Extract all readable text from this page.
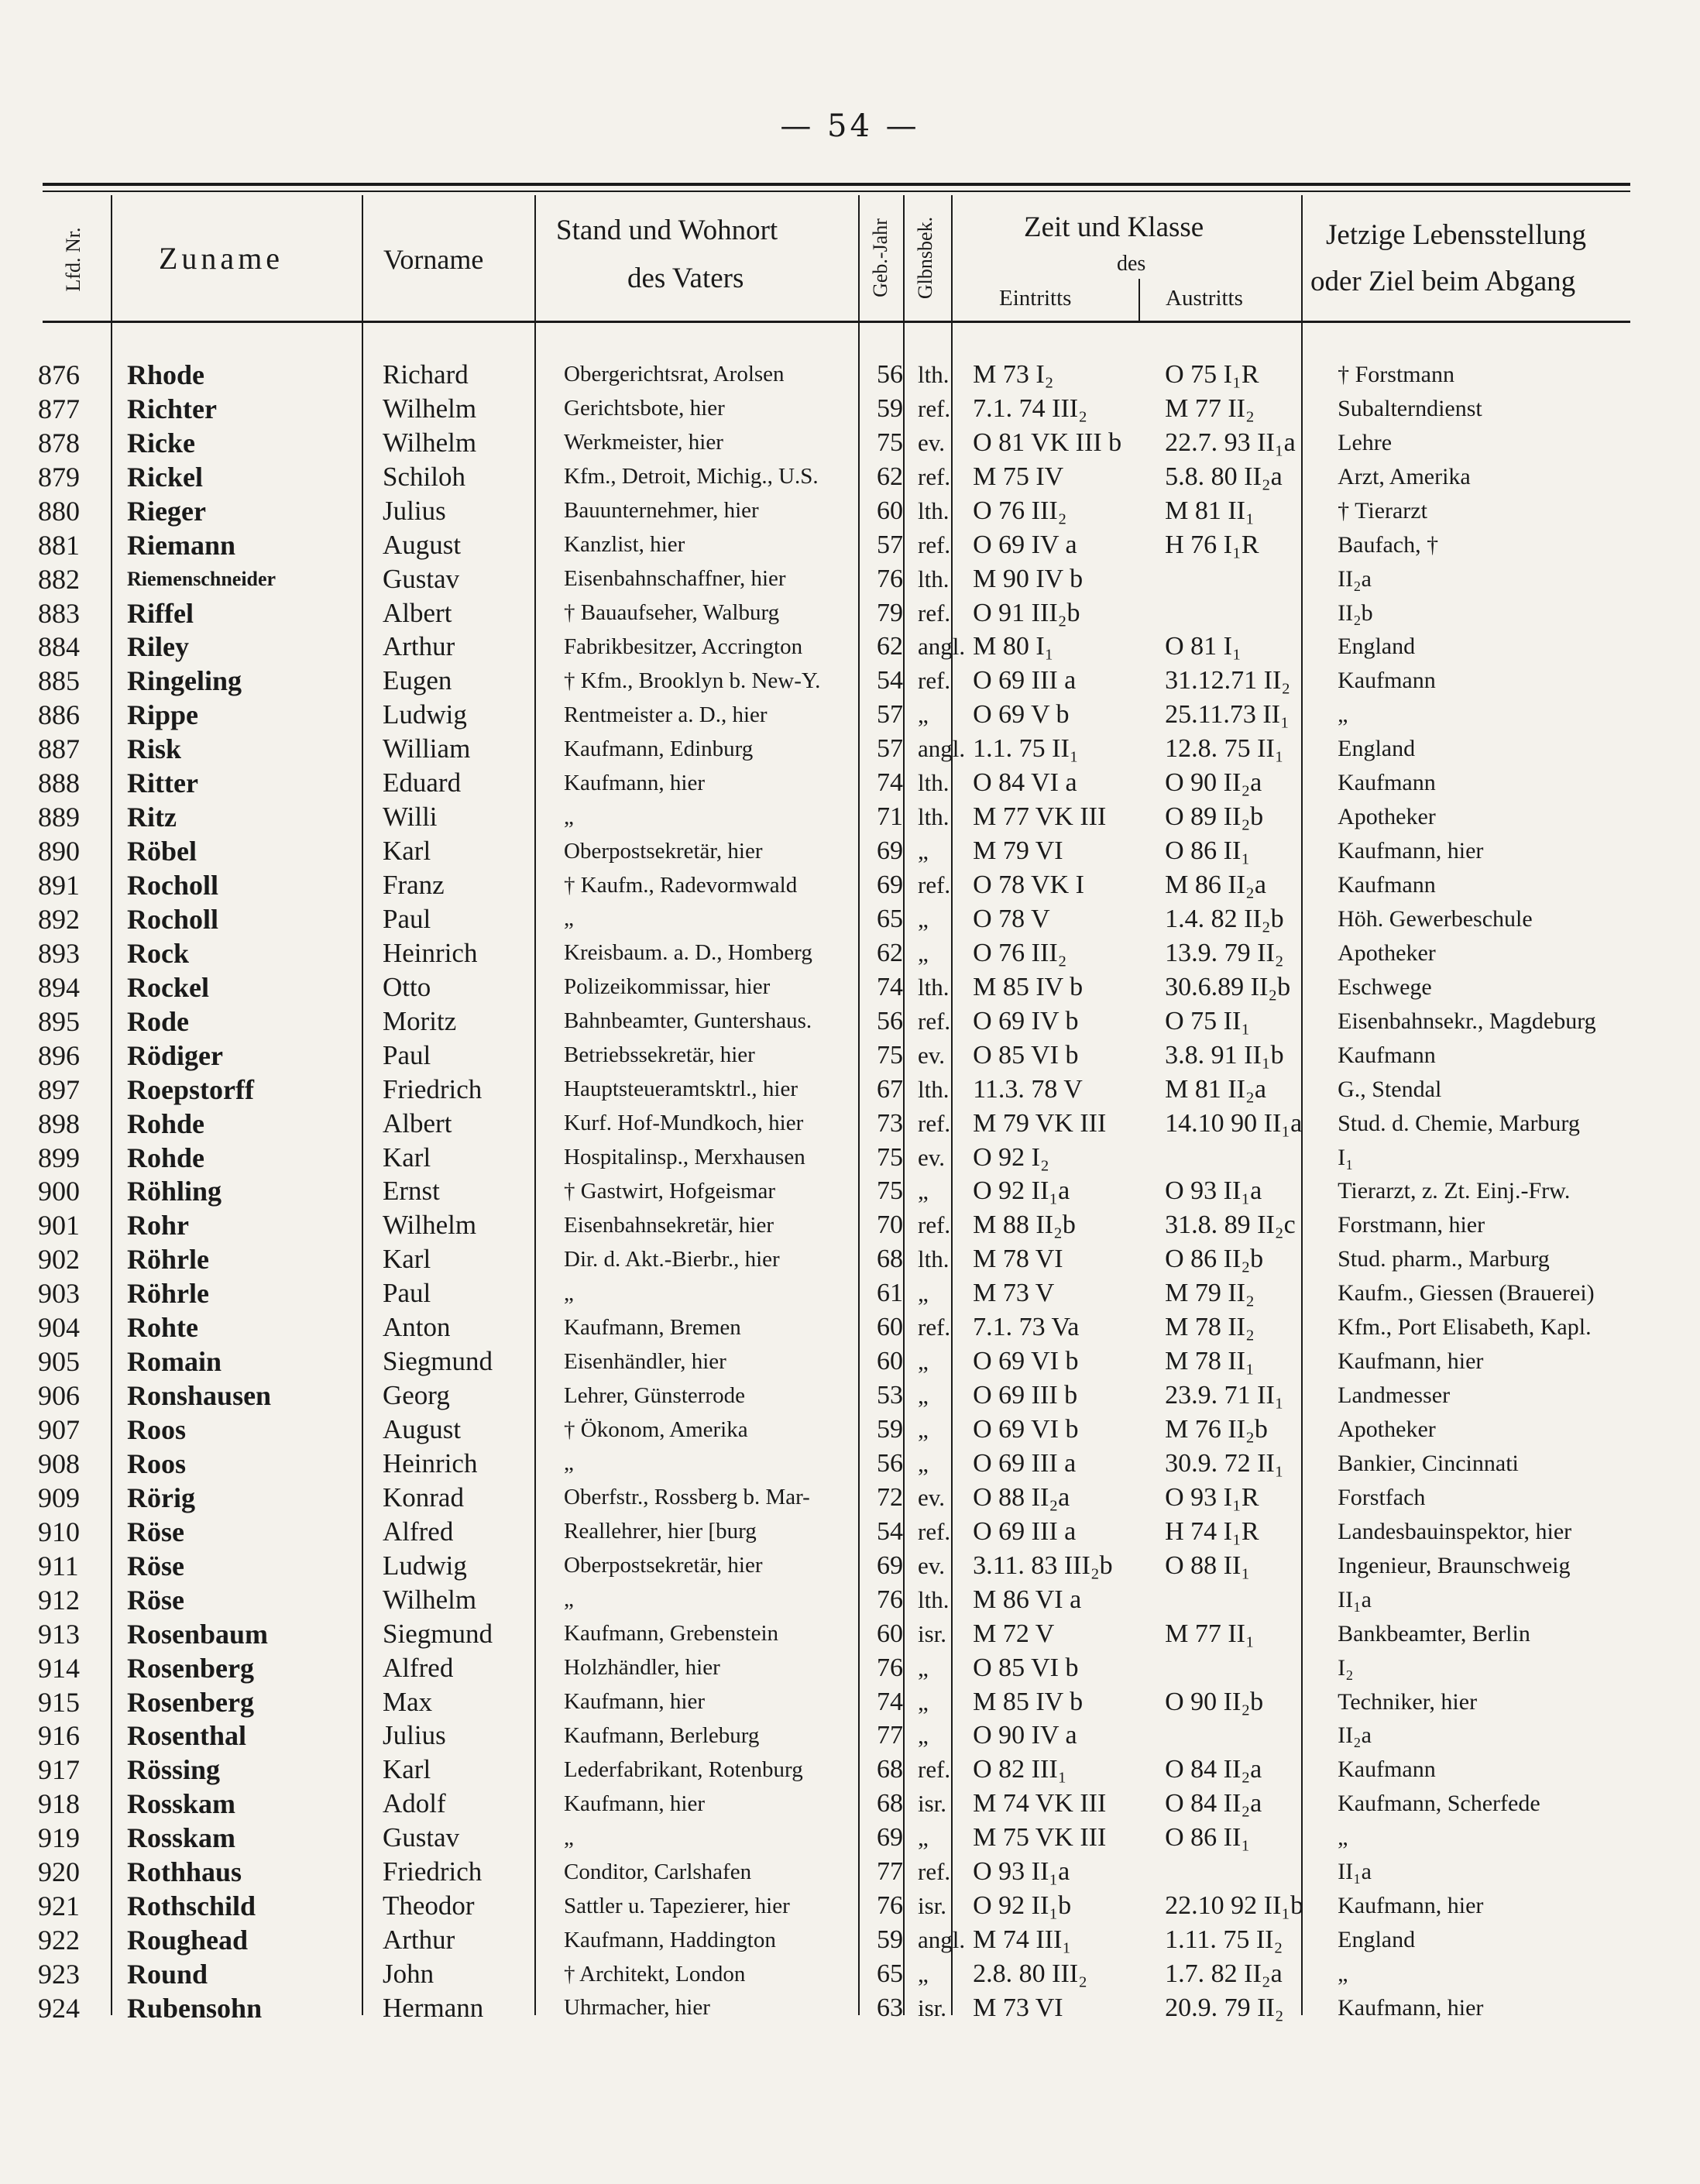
— 54 —
Lfd. Nr. Zuname	Vorname
Stand und Wohnort
des Vaters	Geb.-Jahr Glbnsbek.	Zeit und Klasse
des
Eintritts	Austritts
Jetzige Lebensstellung
oder Ziel beim Abgang
876	Rhode	Richard	Obergerichtsrat, Arolsen	56	lth.	M 73 I₂	O 75 I₁R	† Forstmann
877	Richter	Wilhelm	Gerichtsbote, hier	59	ref.	7.1. 74 III₂	M 77 II₂	Subalterndienst
878	Ricke	Wilhelm	Werkmeister, hier	75	ev.	O 81 VK III b	22.7. 93 II₁a	Lehre
879	Rickel	Schiloh	Kfm., Detroit, Michig., U.S.	62	ref.	M 75 IV	5.8. 80 II₂a	Arzt, Amerika
880	Rieger	Julius	Bauunternehmer, hier	60	lth.	O 76 III₂	M 81 II₁	† Tierarzt
881	Riemann	August	Kanzlist, hier	57	ref.	O 69 IV a	H 76 I₁R	Baufach, †
882	Riemenschneider	Gustav	Eisenbahnschaffner, hier	76	lth.	M 90 IV b		II₂a
883	Riffel	Albert	† Bauaufseher, Walburg	79	ref.	O 91 III₂b		II₂b
884	Riley	Arthur	Fabrikbesitzer, Accrington	62	angl.	M 80 I₁	O 81 I₁	England
885	Ringeling	Eugen	† Kfm., Brooklyn b. New-Y.	54	ref.	O 69 III a	31.12.71 II₂	Kaufmann
886	Rippe	Ludwig	Rentmeister a. D., hier	57	„	O 69 V b	25.11.73 II₁	„
887	Risk	William	Kaufmann, Edinburg	57	angl.	1.1. 75 II₁	12.8. 75 II₁	England
888	Ritter	Eduard	Kaufmann, hier	74	lth.	O 84 VI a	O 90 II₂a	Kaufmann
889	Ritz	Willi	„	71	lth.	M 77 VK III	O 89 II₂b	Apotheker
890	Röbel	Karl	Oberpostsekretär, hier	69	„	M 79 VI	O 86 II₁	Kaufmann, hier
891	Rocholl	Franz	† Kaufm., Radevormwald	69	ref.	O 78 VK I	M 86 II₂a	Kaufmann
892	Rocholl	Paul	„	65	„	O 78 V	1.4. 82 II₂b	Höh. Gewerbeschule
893	Rock	Heinrich	Kreisbaum. a. D., Homberg	62	„	O 76 III₂	13.9. 79 II₂	Apotheker
894	Rockel	Otto	Polizeikommissar, hier	74	lth.	M 85 IV b	30.6.89 II₂b	Eschwege
895	Rode	Moritz	Bahnbeamter, Guntershaus.	56	ref.	O 69 IV b	O 75 II₁	Eisenbahnsekr., Magdeburg
896	Rödiger	Paul	Betriebssekretär, hier	75	ev.	O 85 VI b	3.8. 91 II₁b	Kaufmann
897	Roepstorff	Friedrich	Hauptsteueramtsktrl., hier	67	lth.	11.3. 78 V	M 81 II₂a	G., Stendal
898	Rohde	Albert	Kurf. Hof-Mundkoch, hier	73	ref.	M 79 VK III	14.10 90 II₁a	Stud. d. Chemie, Marburg
899	Rohde	Karl	Hospitalinsp., Merxhausen	75	ev.	O 92 I₂		I₁
900	Röhling	Ernst	† Gastwirt, Hofgeismar	75	„	O 92 II₁a	O 93 II₁a	Tierarzt, z. Zt. Einj.-Frw.
901	Rohr	Wilhelm	Eisenbahnsekretär, hier	70	ref.	M 88 II₂b	31.8. 89 II₂c	Forstmann, hier
902	Röhrle	Karl	Dir. d. Akt.-Bierbr., hier	68	lth.	M 78 VI	O 86 II₂b	Stud. pharm., Marburg
903	Röhrle	Paul	„	61	„	M 73 V	M 79 II₂	Kaufm., Giessen (Brauerei)
904	Rohte	Anton	Kaufmann, Bremen	60	ref.	7.1. 73 Va	M 78 II₂	Kfm., Port Elisabeth, Kapl.
905	Romain	Siegmund	Eisenhändler, hier	60	„	O 69 VI b	M 78 II₁	Kaufmann, hier
906	Ronshausen	Georg	Lehrer, Günsterrode	53	„	O 69 III b	23.9. 71 II₁	Landmesser
907	Roos	August	† Ökonom, Amerika	59	„	O 69 VI b	M 76 II₂b	Apotheker
908	Roos	Heinrich	„	56	„	O 69 III a	30.9. 72 II₁	Bankier, Cincinnati
909	Rörig	Konrad	Oberfstr., Rossberg b. Mar-	72	ev.	O 88 II₂a	O 93 I₁R	Forstfach
910	Röse	Alfred	Reallehrer, hier [burg	54	ref.	O 69 III a	H 74 I₁R	Landesbauinspektor, hier
911	Röse	Ludwig	Oberpostsekretär, hier	69	ev.	3.11. 83 III₂b	O 88 II₁	Ingenieur, Braunschweig
912	Röse	Wilhelm	„	76	lth.	M 86 VI a		II₁a
913	Rosenbaum	Siegmund	Kaufmann, Grebenstein	60	isr.	M 72 V	M 77 II₁	Bankbeamter, Berlin
914	Rosenberg	Alfred	Holzhändler, hier	76	„	O 85 VI b		I₂
915	Rosenberg	Max	Kaufmann, hier	74	„	M 85 IV b	O 90 II₂b	Techniker, hier
916	Rosenthal	Julius	Kaufmann, Berleburg	77	„	O 90 IV a		II₂a
917	Rössing	Karl	Lederfabrikant, Rotenburg	68	ref.	O 82 III₁	O 84 II₂a	Kaufmann
918	Rosskam	Adolf	Kaufmann, hier	68	isr.	M 74 VK III	O 84 II₂a	Kaufmann, Scherfede
919	Rosskam	Gustav	„	69	„	M 75 VK III	O 86 II₁	„
920	Rothhaus	Friedrich	Conditor, Carlshafen	77	ref.	O 93 II₁a		II₁a
921	Rothschild	Theodor	Sattler u. Tapezierer, hier	76	isr.	O 92 II₁b	22.10 92 II₁b	Kaufmann, hier
922	Roughead	Arthur	Kaufmann, Haddington	59	angl.	M 74 III₁	1.11. 75 II₂	England
923	Round	John	† Architekt, London	65	„	2.8. 80 III₂	1.7. 82 II₂a	„
924	Rubensohn	Hermann	Uhrmacher, hier	63	isr.	M 73 VI	20.9. 79 II₂	Kaufmann, hier
